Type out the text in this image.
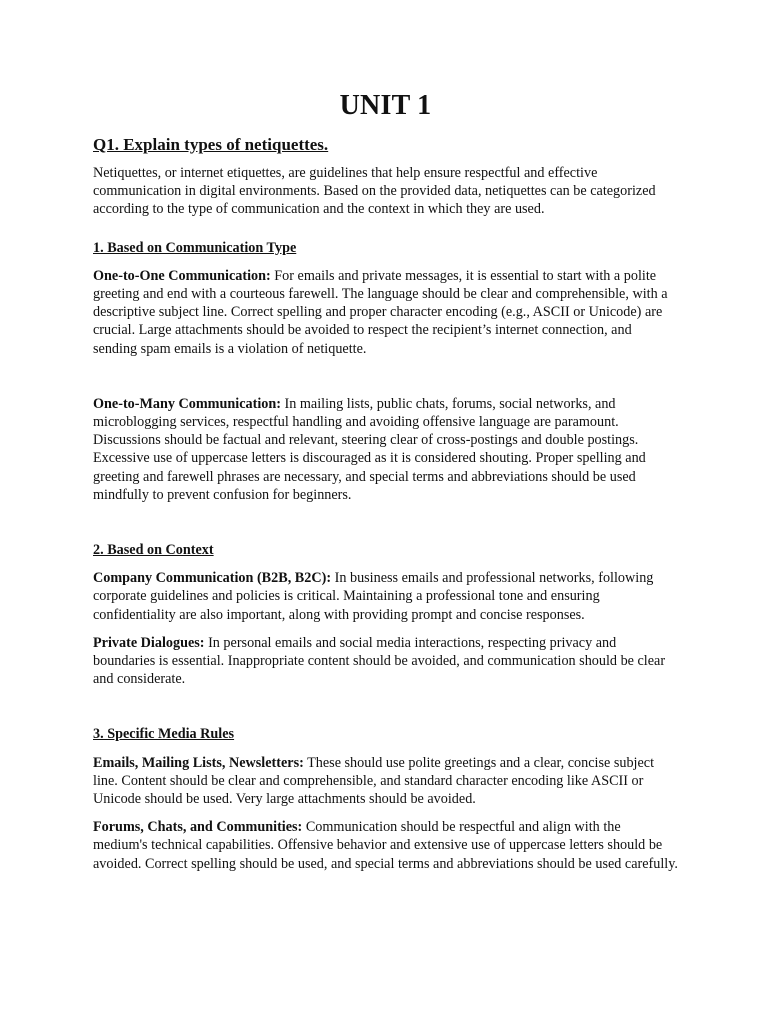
UNIT 1
Q1. Explain types of netiquettes.

Netiquettes, or internet etiquettes, are guidelines that help ensure respectful and effective communication in digital environments. Based on the provided data, netiquettes can be categorized according to the type of communication and the context in which they are used.

1. Based on Communication Type

One-to-One Communication: For emails and private messages, it is essential to start with a polite greeting and end with a courteous farewell. The language should be clear and comprehensible, with a descriptive subject line. Correct spelling and proper character encoding (e.g., ASCII or Unicode) are crucial. Large attachments should be avoided to respect the recipient’s internet connection, and sending spam emails is a violation of netiquette.

One-to-Many Communication: In mailing lists, public chats, forums, social networks, and microblogging services, respectful handling and avoiding offensive language are paramount. Discussions should be factual and relevant, steering clear of cross-postings and double postings. Excessive use of uppercase letters is discouraged as it is considered shouting. Proper spelling and greeting and farewell phrases are necessary, and special terms and abbreviations should be used mindfully to prevent confusion for beginners.

2. Based on Context

Company Communication (B2B, B2C): In business emails and professional networks, following corporate guidelines and policies is critical. Maintaining a professional tone and ensuring confidentiality are also important, along with providing prompt and concise responses.

Private Dialogues: In personal emails and social media interactions, respecting privacy and boundaries is essential. Inappropriate content should be avoided, and communication should be clear and considerate.

3. Specific Media Rules

Emails, Mailing Lists, Newsletters: These should use polite greetings and a clear, concise subject line. Content should be clear and comprehensible, and standard character encoding like ASCII or Unicode should be used. Very large attachments should be avoided.

Forums, Chats, and Communities: Communication should be respectful and align with the medium's technical capabilities. Offensive behavior and extensive use of uppercase letters should be avoided. Correct spelling should be used, and special terms and abbreviations should be used carefully.
